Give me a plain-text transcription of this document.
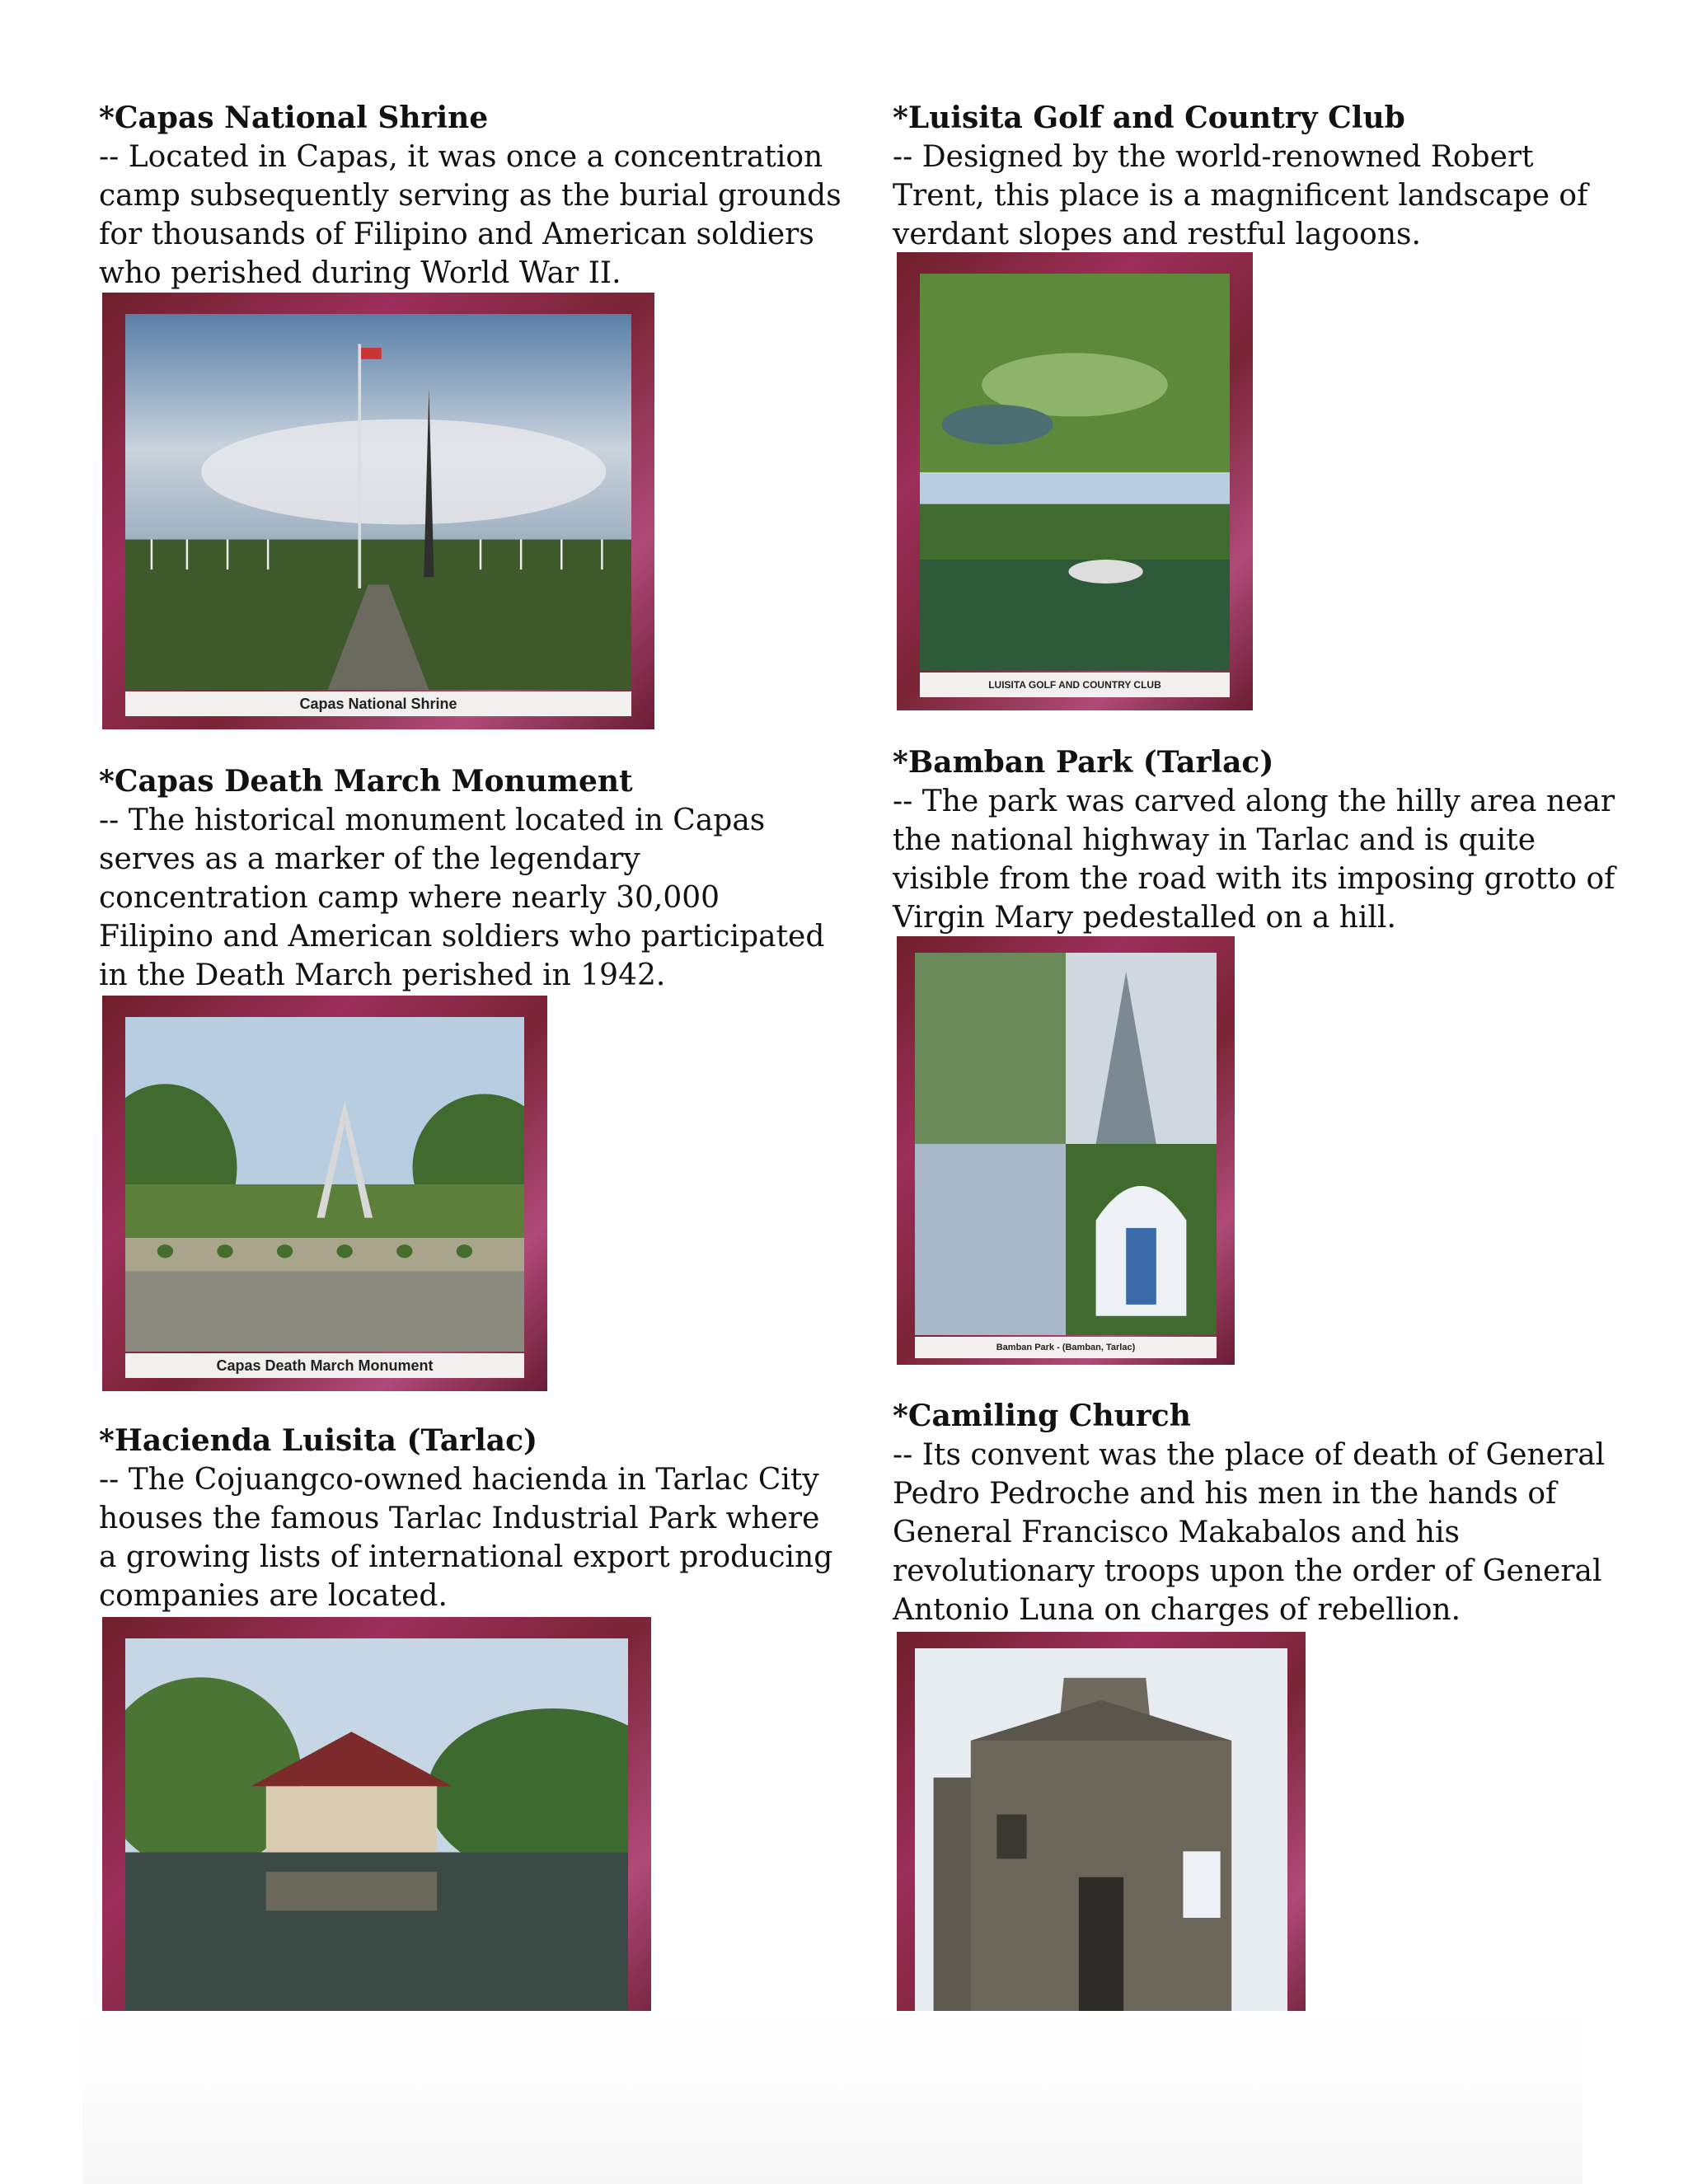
*Capas National Shrine
-- Located in Capas, it was once a concentration
camp subsequently serving as the burial grounds
for thousands of Filipino and American soldiers
who perished during World War II.
Capas National Shrine
*Capas Death March Monument
-- The historical monument located in Capas
serves as a marker of the legendary
concentration camp where nearly 30,000
Filipino and American soldiers who participated
in the Death March perished in 1942.
Capas Death March Monument
*Hacienda Luisita (Tarlac)
-- The Cojuangco-owned hacienda in Tarlac City
houses the famous Tarlac Industrial Park where
a growing lists of international export producing
companies are located.
*Luisita Golf and Country Club
-- Designed by the world-renowned Robert
Trent, this place is a magnificent landscape of
verdant slopes and restful lagoons.
LUISITA GOLF AND COUNTRY CLUB
*Bamban Park (Tarlac)
-- The park was carved along the hilly area near
the national highway in Tarlac and is quite
visible from the road with its imposing grotto of
Virgin Mary pedestalled on a hill.
Bamban Park - (Bamban, Tarlac)
*Camiling Church
-- Its convent was the place of death of General
Pedro Pedroche and his men in the hands of
General Francisco Makabalos and his
revolutionary troops upon the order of General
Antonio Luna on charges of rebellion.
